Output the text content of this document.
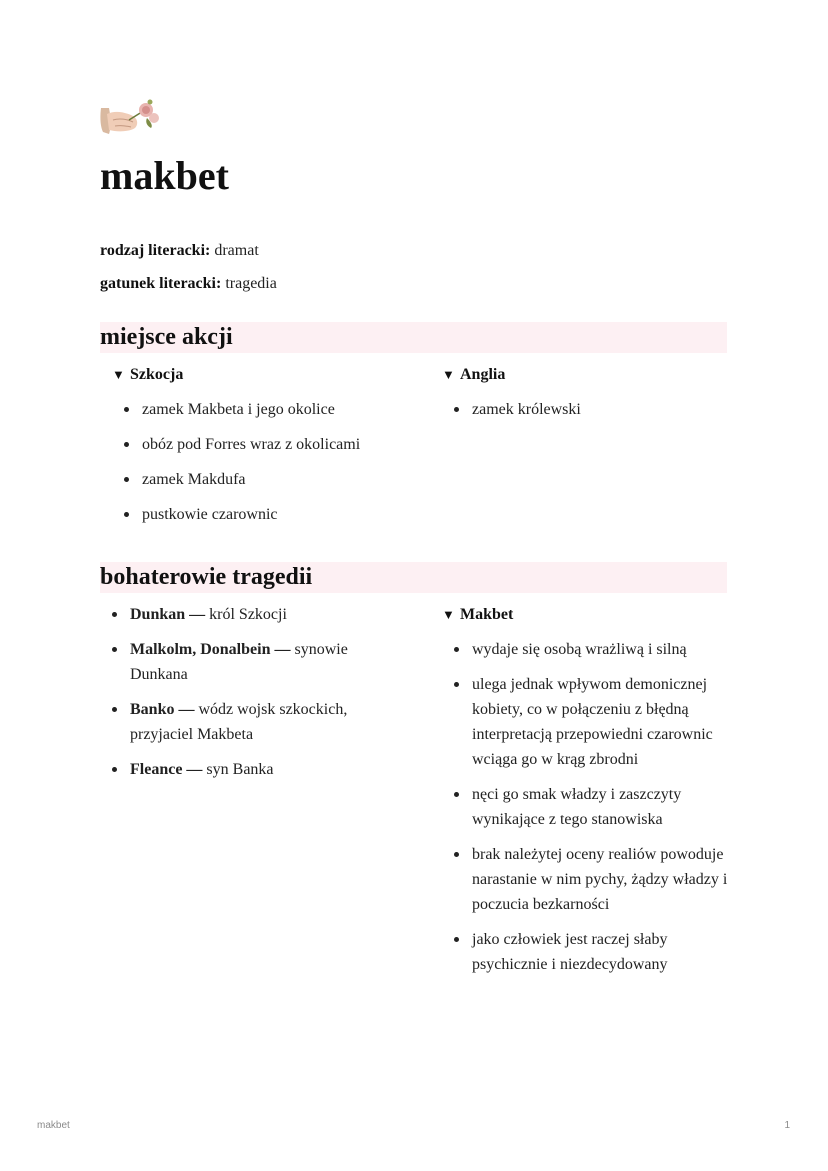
makbet

rodzaj literacki: dramat

gatunek literacki: tragedia

miejsce akcji
▼ Szkocja
zamek Makbeta i jego okolice
obóz pod Forres wraz z okolicami
zamek Makdufa
pustkowie czarownic
▼ Anglia
zamek królewski
bohaterowie tragedii
Dunkan — król Szkocji
Malkolm, Donalbein — synowie Dunkana
Banko — wódz wojsk szkockich, przyjaciel Makbeta
Fleance — syn Banka
▼ Makbet
wydaje się osobą wrażliwą i silną
ulega jednak wpływom demonicznej kobiety, co w połączeniu z błędną interpretacją przepowiedni czarownic wciąga go w krąg zbrodni
nęci go smak władzy i zaszczyty wynikające z tego stanowiska
brak należytej oceny realiów powoduje narastanie w nim pychy, żądzy władzy i poczucia bezkarności
jako człowiek jest raczej słaby psychicznie i niezdecydowany
makbet	1
